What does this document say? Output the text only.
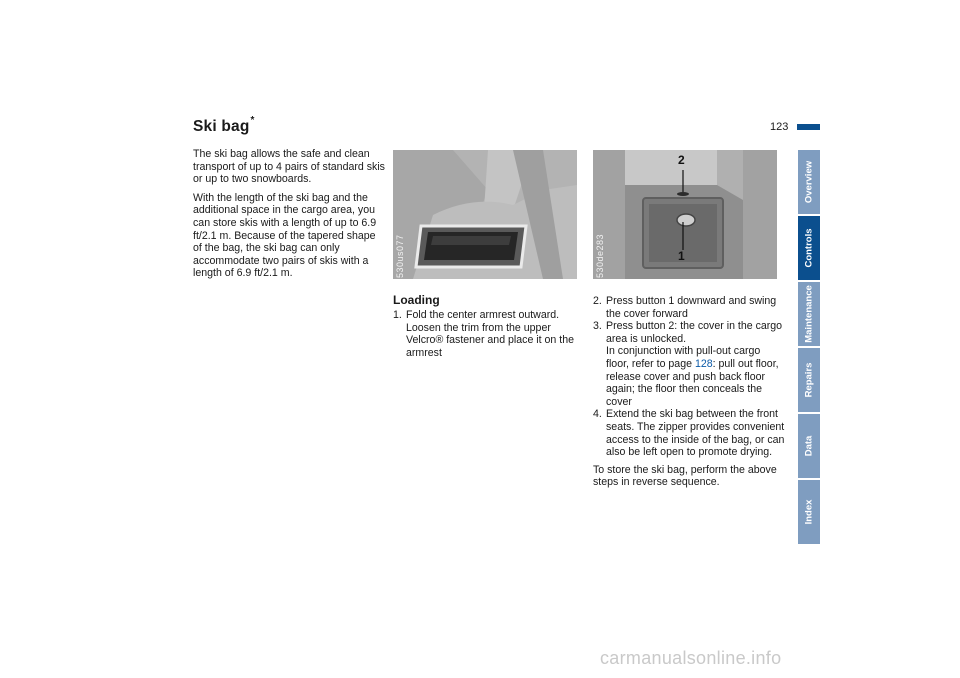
Ski bag*
123

The ski bag allows the safe and clean transport of up to 4 pairs of standard skis or up to two snowboards.

With the length of the ski bag and the additional space in the cargo area, you can store skis with a length of up to 6.9 ft/2.1 m. Because of the tapered shape of the bag, the ski bag can only accommodate two pairs of skis with a length of 6.9 ft/2.1 m.	530us077
2
1
530de283
Loading
1. Fold the center armrest outward. Loosen the trim from the upper Velcro® fastener and place it on the armrest
2. Press button 1 downward and swing the cover forward
3. Press button 2: the cover in the cargo area is unlocked.
In conjunction with pull-out cargo floor, refer to page 128: pull out floor, release cover and push back floor again; the floor then conceals the cover
4. Extend the ski bag between the front seats. The zipper provides convenient access to the inside of the bag, or can also be left open to promote drying.
To store the ski bag, perform the above steps in reverse sequence.
Overview
Controls
Maintenance
Repairs
Data
Index
carmanualsonline.info
